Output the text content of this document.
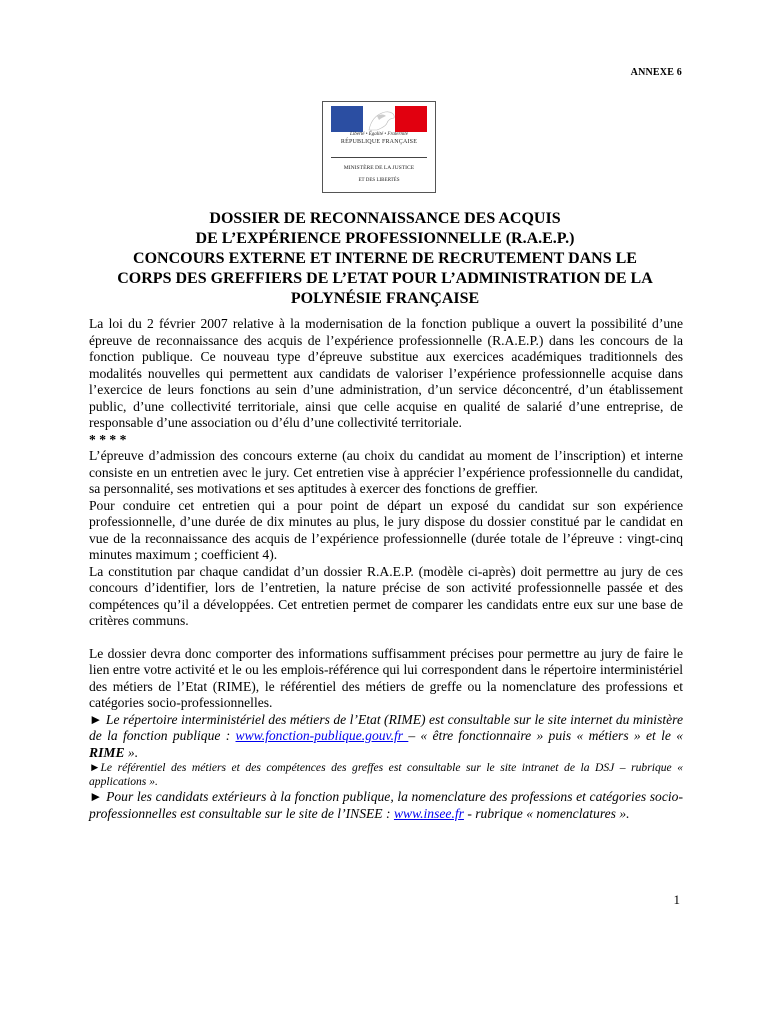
ANNEXE 6
Liberté • Égalité • Fraternité
RÉPUBLIQUE FRANÇAISE
MINISTÈRE DE LA JUSTICE
ET DES LIBERTÉS
DOSSIER DE RECONNAISSANCE DES ACQUIS
DE L’EXPÉRIENCE PROFESSIONNELLE (R.A.E.P.)
CONCOURS EXTERNE ET INTERNE DE RECRUTEMENT DANS LE
CORPS DES GREFFIERS DE L’ETAT POUR L’ADMINISTRATION DE LA
POLYNÉSIE FRANÇAISE

La loi du 2 février 2007 relative à la modernisation de la fonction publique a ouvert la possibilité d’une épreuve de reconnaissance des acquis de l’expérience professionnelle (R.A.E.P.) dans les concours de la fonction publique. Ce nouveau type d’épreuve substitue aux exercices académiques traditionnels des modalités nouvelles qui permettent aux candidats de valoriser l’expérience professionnelle acquise dans l’exercice de leurs fonctions au sein d’une administration, d’un service déconcentré, d’un établissement public, d’une collectivité territoriale, ainsi que celle acquise en qualité de salarié d’une entreprise, de responsable d’une association ou d’élu d’une collectivité territoriale.

* * * *

L’épreuve d’admission des concours externe (au choix du candidat au moment de l’inscription) et interne consiste en un entretien avec le jury. Cet entretien vise à apprécier l’expérience professionnelle du candidat, sa personnalité, ses motivations et ses aptitudes à exercer des fonctions de greffier.

Pour conduire cet entretien qui a pour point de départ un exposé du candidat sur son expérience professionnelle, d’une durée de dix minutes au plus, le jury dispose du dossier constitué par le candidat en vue de la reconnaissance des acquis de l’expérience professionnelle (durée totale de l’épreuve : vingt-cinq minutes maximum ; coefficient 4).

La constitution par chaque candidat d’un dossier R.A.E.P. (modèle ci-après) doit permettre au jury de ces concours d’identifier, lors de l’entretien, la nature précise de son activité professionnelle passée et des compétences qu’il a développées. Cet entretien permet de comparer les candidats entre eux sur une base de critères communs.

Le dossier devra donc comporter des informations suffisamment précises pour permettre au jury de faire le lien entre votre activité et le ou les emplois-référence qui lui correspondent dans le répertoire interministériel des métiers de l’Etat (RIME), le référentiel des métiers de greffe ou la nomenclature des professions et catégories socio-professionnelles.

► Le répertoire interministériel des métiers de l’Etat (RIME) est consultable sur le site internet du ministère de la fonction publique : www.fonction-publique.gouv.fr – « être fonctionnaire » puis « métiers » et le « RIME ».

►Le référentiel des métiers et des compétences des greffes est consultable sur le site intranet de la DSJ – rubrique « applications ».

► Pour les candidats extérieurs à la fonction publique, la nomenclature des professions et catégories socio-professionnelles est consultable sur le site de l’INSEE : www.insee.fr - rubrique « nomenclatures ».

1
